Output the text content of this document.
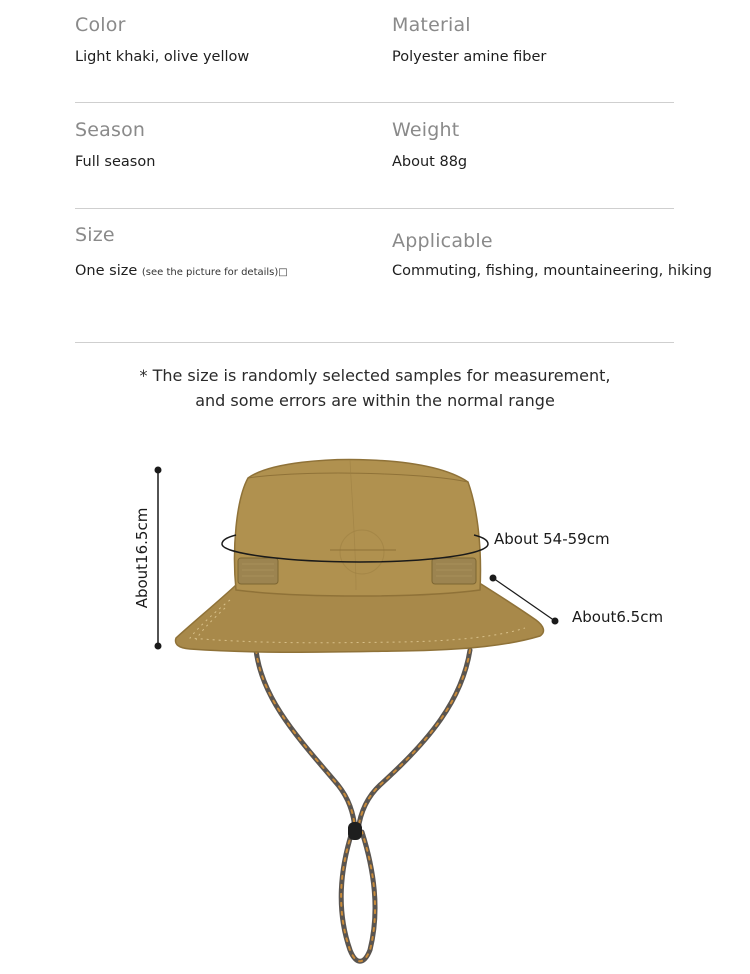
Color
Light khaki, olive yellow
Material
Polyester amine fiber
Season
Full season
Weight
About 88g
Size
One size (see the picture for details)□
Applicable
Commuting, fishing, mountaineering, hiking
* The size is randomly selected samples for measurement,
and some errors are within the normal range
About16.5cm	About 54-59cm
About6.5cm
